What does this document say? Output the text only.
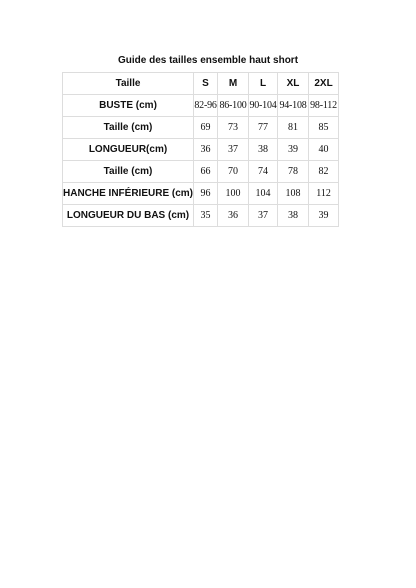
Guide des tailles ensemble haut short
Taille	S	M	L	XL	2XL
BUSTE (cm)	82-96	86-100	90-104	94-108	98-112
Taille (cm)	69	73	77	81	85
LONGUEUR(cm)	36	37	38	39	40
Taille (cm)	66	70	74	78	82
HANCHE INFÉRIEURE (cm)	96	100	104	108	112
LONGUEUR DU BAS (cm)	35	36	37	38	39
